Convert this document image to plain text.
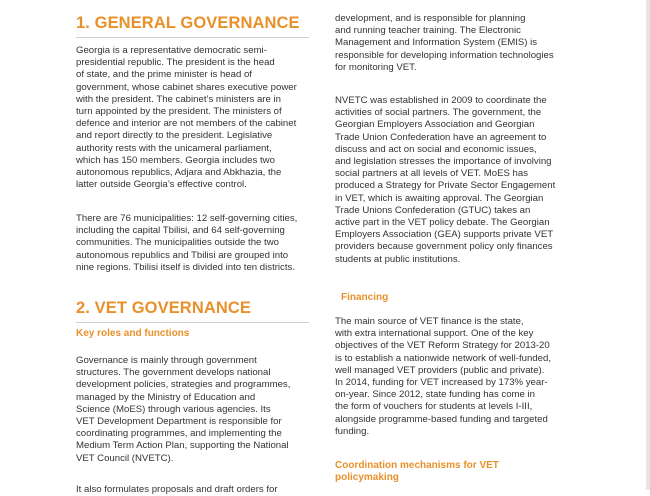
1. GENERAL GOVERNANCE

Georgia is a representative democratic semi-

presidential republic. The president is the head

of state, and the prime minister is head of

government, whose cabinet shares executive power

with the president. The cabinet’s ministers are in

turn appointed by the president. The ministers of

defence and interior are not members of the cabinet

and report directly to the president. Legislative

authority rests with the unicameral parliament,

which has 150 members. Georgia includes two

autonomous republics, Adjara and Abkhazia, the

latter outside Georgia’s effective control.

There are 76 municipalities: 12 self-governing cities,

including the capital Tbilisi, and 64 self-governing

communities. The municipalities outside the two

autonomous republics and Tbilisi are grouped into

nine regions. Tbilisi itself is divided into ten districts.

2. VET GOVERNANCE
Key roles and functions

Governance is mainly through government

structures. The government develops national

development policies, strategies and programmes,

managed by the Ministry of Education and

Science (MoES) through various agencies. Its

VET Development Department is responsible for

coordinating programmes, and implementing the

Medium Term Action Plan, supporting the National

VET Council (NVETC).

It also formulates proposals and draft orders for

development, and is responsible for planning

and running teacher training. The Electronic

Management and Information System (EMIS) is

responsible for developing information technologies

for monitoring VET.

NVETC was established in 2009 to coordinate the

activities of social partners. The government, the

Georgian Employers Association and Georgian

Trade Union Confederation have an agreement to

discuss and act on social and economic issues,

and legislation stresses the importance of involving

social partners at all levels of VET. MoES has

produced a Strategy for Private Sector Engagement

in VET, which is awaiting approval. The Georgian

Trade Unions Confederation (GTUC) takes an

active part in the VET policy debate. The Georgian

Employers Association (GEA) supports private VET

providers because government policy only finances

students at public institutions.

Financing

The main source of VET finance is the state,

with extra international support. One of the key

objectives of the VET Reform Strategy for 2013-20

is to establish a nationwide network of well-funded,

well managed VET providers (public and private).

In 2014, funding for VET increased by 173% year-

on-year. Since 2012, state funding has come in

the form of vouchers for students at levels I-III,

alongside programme-based funding and targeted

funding.

Coordination mechanisms for VET
policymaking
